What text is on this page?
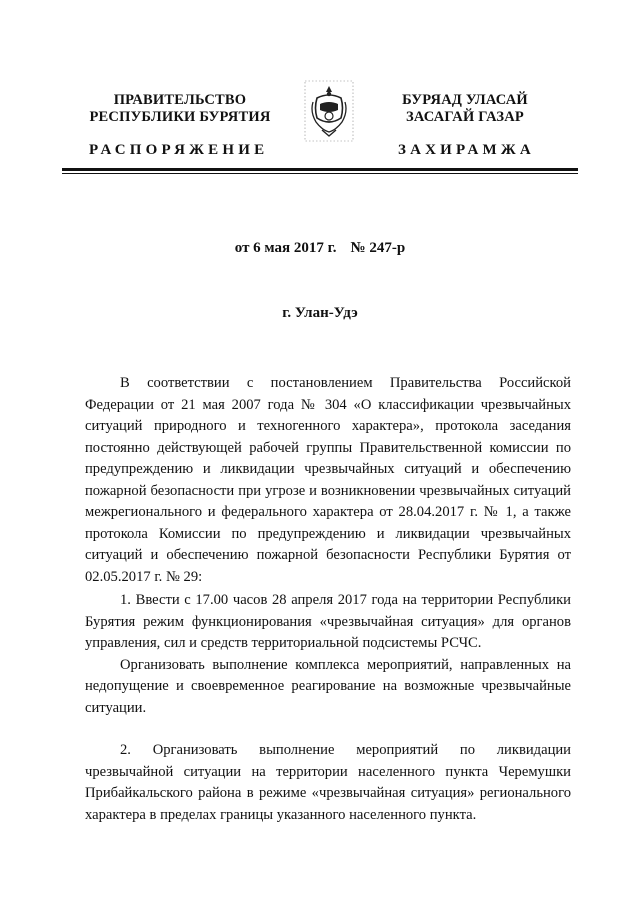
ПРАВИТЕЛЬСТВО
РЕСПУБЛИКИ БУРЯТИЯ
БУРЯАД УЛАСАЙ
ЗАСАГАЙ ГАЗАР
РАСПОРЯЖЕНИЕ	ЗАХИРАМЖА
от 6 мая 2017 г. № 247-р
г. Улан-Удэ

В соответствии с постановлением Правительства Российской Федерации от 21 мая 2007 года № 304 «О классификации чрезвычайных ситуаций природного и техногенного характера», протокола заседания постоянно действующей рабочей группы Правительственной комиссии по предупреждению и ликвидации чрезвычайных ситуаций и обеспечению пожарной безопасности при угрозе и возникновении чрезвычайных ситуаций межрегионального и федерального характера от 28.04.2017 г. № 1, а также протокола Комиссии по предупреждению и ликвидации чрезвычайных ситуаций и обеспечению пожарной безопасности Республики Бурятия от 02.05.2017 г. № 29:

1. Ввести с 17.00 часов 28 апреля 2017 года на территории Республики Бурятия режим функционирования «чрезвычайная ситуация» для органов управления, сил и средств территориальной подсистемы РСЧС.

Организовать выполнение комплекса мероприятий, направленных на недопущение и своевременное реагирование на возможные чрезвычайные ситуации.

2. Организовать выполнение мероприятий по ликвидации чрезвычайной ситуации на территории населенного пункта Черемушки Прибайкальского района в режиме «чрезвычайная ситуация» регионального характера в пределах границы указанного населенного пункта.
